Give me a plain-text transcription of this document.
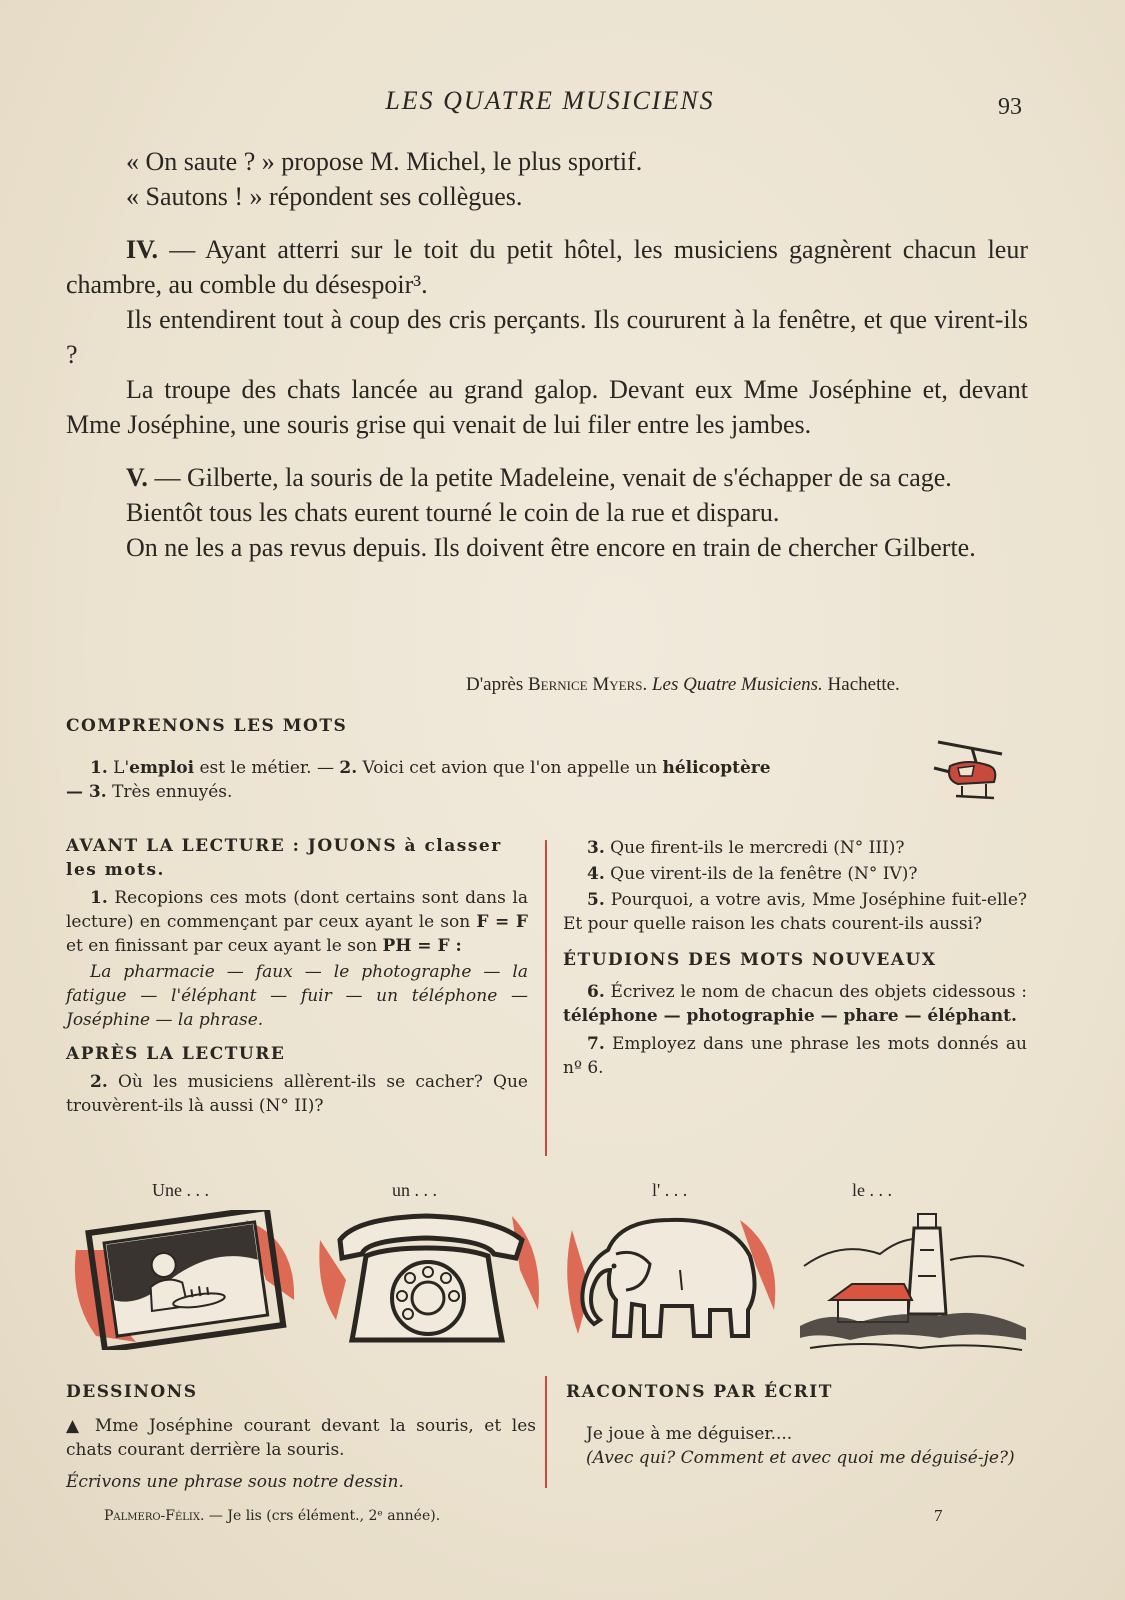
LES QUATRE MUSICIENS	93

« On saute ? » propose M. Michel, le plus sportif.

« Sautons ! » répondent ses collègues.

IV. — Ayant atterri sur le toit du petit hôtel, les musiciens gagnèrent chacun leur chambre, au comble du désespoir³.

Ils entendirent tout à coup des cris perçants. Ils coururent à la fenêtre, et que virent-ils ?

La troupe des chats lancée au grand galop. Devant eux Mme Joséphine et, devant Mme Joséphine, une souris grise qui venait de lui filer entre les jambes.

V. — Gilberte, la souris de la petite Madeleine, venait de s'échapper de sa cage.

Bientôt tous les chats eurent tourné le coin de la rue et disparu.

On ne les a pas revus depuis. Ils doivent être encore en train de chercher Gilberte.

D'après Bernice Myers. Les Quatre Musiciens. Hachette.

COMPRENONS LES MOTS

1. L'emploi est le métier. — 2. Voici cet avion que l'on appelle un hélicoptère
— 3. Très ennuyés.

AVANT LA LECTURE : JOUONS à classer les mots.

1. Recopions ces mots (dont certains sont dans la lecture) en commençant par ceux ayant le son F = F et en finissant par ceux ayant le son PH = F :

La pharmacie — faux — le photographe — la fatigue — l'éléphant — fuir — un téléphone — Joséphine — la phrase.

APRÈS LA LECTURE

2. Où les musiciens allèrent-ils se cacher? Que trouvèrent-ils là aussi (N° II)?

3. Que firent-ils le mercredi (N° III)?

4. Que virent-ils de la fenêtre (N° IV)?

5. Pourquoi, a votre avis, Mme Joséphine fuit-elle? Et pour quelle raison les chats courent-ils aussi?

ÉTUDIONS DES MOTS NOUVEAUX

6. Écrivez le nom de chacun des objets cidessous : téléphone — photographie — phare — éléphant.

7. Employez dans une phrase les mots donnés au nº 6.

Une . . .	un . . .	l' . . .	le . . .

DESSINONS

▲ Mme Joséphine courant devant la souris, et les chats courant derrière la souris.

Écrivons une phrase sous notre dessin.

RACONTONS PAR ÉCRIT

Je joue à me déguiser....

(Avec qui? Comment et avec quoi me déguisé-je?)

Palmero-Félix. — Je lis (crs élément., 2ᵉ année).	7
